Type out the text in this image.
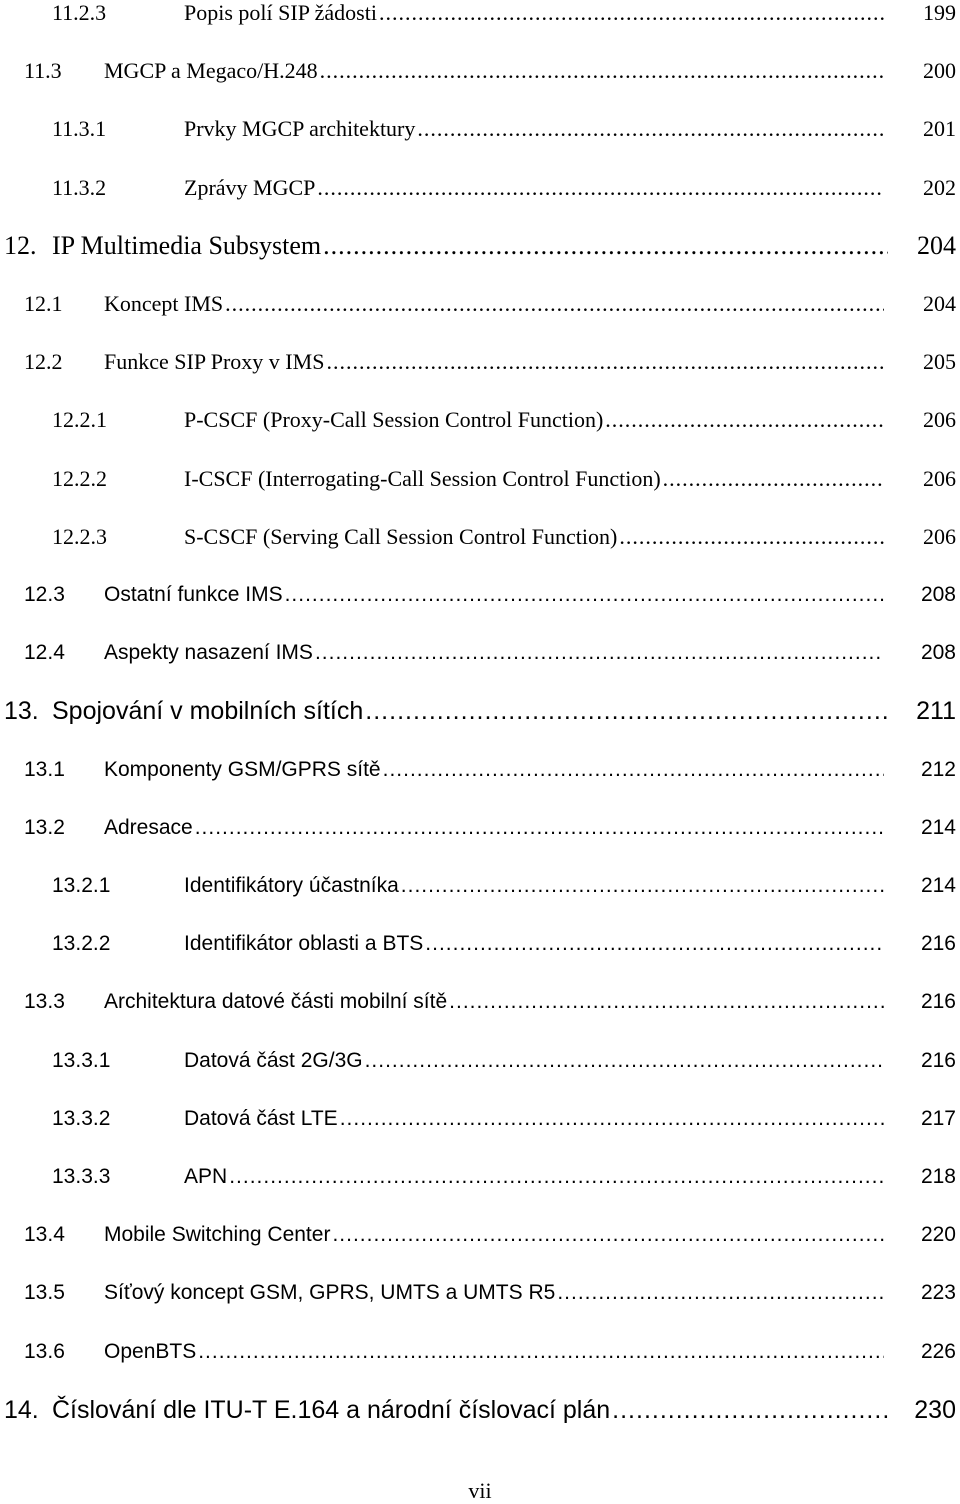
11.2.3	Popis polí SIP žádosti .....	199
11.3	MGCP a Megaco/H.248 .....	200
11.3.1	Prvky MGCP architektury .....	201
11.3.2	Zprávy MGCP .....	202
12. IP Multimedia Subsystem .....	204
12.1	Koncept IMS .....	204
12.2	Funkce SIP Proxy v IMS .....	205
12.2.1	P-CSCF (Proxy-Call Session Control Function) .....	206
12.2.2	I-CSCF (Interrogating-Call Session Control Function) .....	206
12.2.3	S-CSCF (Serving Call Session Control Function) .....	206
12.3	Ostatní funkce IMS .....	208
12.4	Aspekty nasazení IMS .....	208
13. Spojování v mobilních sítích .....	211
13.1	Komponenty GSM/GPRS sítě .....	212
13.2	Adresace .....	214
13.2.1	Identifikátory účastníka .....	214
13.2.2	Identifikátor oblasti a BTS .....	216
13.3	Architektura datové části mobilní sítě .....	216
13.3.1	Datová část 2G/3G .....	216
13.3.2	Datová část LTE .....	217
13.3.3	APN .....	218
13.4	Mobile Switching Center .....	220
13.5	Síťový koncept GSM, GPRS, UMTS a UMTS R5 .....	223
13.6	OpenBTS .....	226
14. Číslování dle ITU-T E.164 a národní číslovací plán .....	230
vii
